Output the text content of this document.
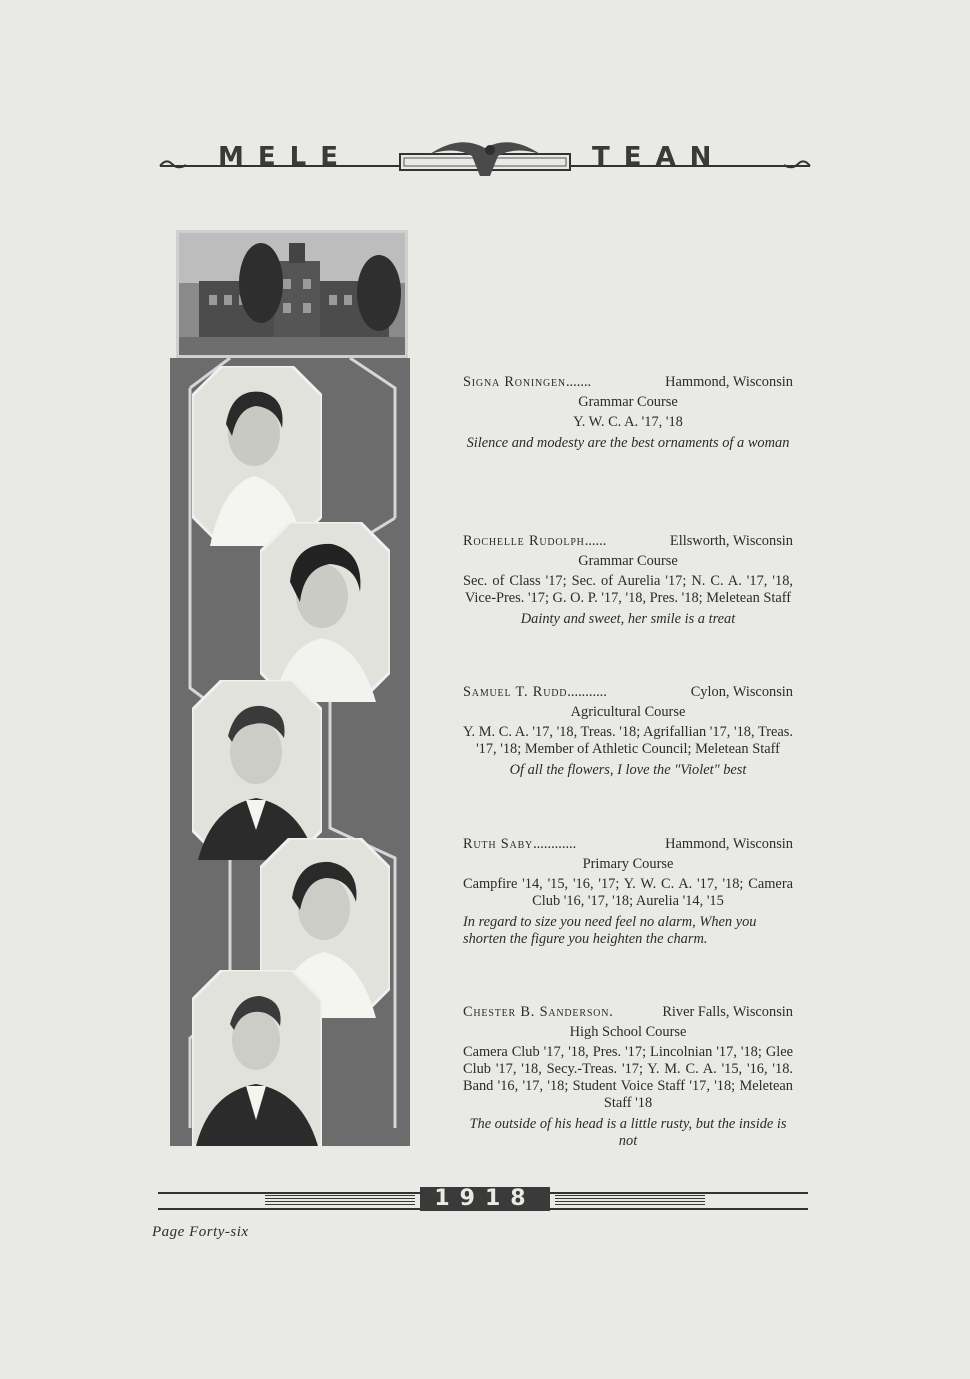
MELE	TEAN
Signa Roningen.......	Hammond, Wisconsin
Grammar Course
Y. W. C. A. '17, '18
Silence and modesty are the best ornaments of a woman
Rochelle Rudolph......	Ellsworth, Wisconsin
Grammar Course
Sec. of Class '17; Sec. of Aurelia '17; N. C. A. '17, '18, Vice-Pres. '17; G. O. P. '17, '18, Pres. '18; Meletean Staff
Dainty and sweet, her smile is a treat
Samuel T. Rudd...........	Cylon, Wisconsin
Agricultural Course
Y. M. C. A. '17, '18, Treas. '18; Agrifallian '17, '18, Treas. '17, '18; Member of Athletic Council; Meletean Staff
Of all the flowers, I love the "Violet" best
Ruth Saby............	Hammond, Wisconsin
Primary Course
Campfire '14, '15, '16, '17; Y. W. C. A. '17, '18; Camera Club '16, '17, '18; Aurelia '14, '15
In regard to size you need feel no alarm, When you shorten the figure you heighten the charm.
Chester B. Sanderson.	River Falls, Wisconsin
High School Course
Camera Club '17, '18, Pres. '17; Lincolnian '17, '18; Glee Club '17, '18, Secy.-Treas. '17; Y. M. C. A. '15, '16, '18. Band '16, '17, '18; Student Voice Staff '17, '18; Meletean Staff '18
The outside of his head is a little rusty, but the inside is not
1918
Page Forty-six
